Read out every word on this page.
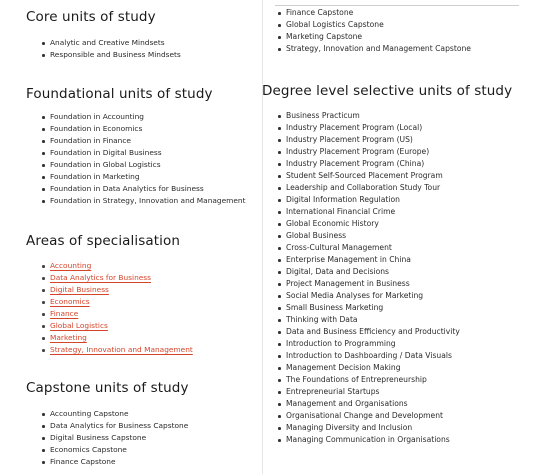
Core units of study
Analytic and Creative Mindsets
Responsible and Business Mindsets
Foundational units of study
Foundation in Accounting
Foundation in Economics
Foundation in Finance
Foundation in Digital Business
Foundation in Global Logistics
Foundation in Marketing
Foundation in Data Analytics for Business
Foundation in Strategy, Innovation and Management
Areas of specialisation
Accounting
Data Analytics for Business
Digital Business
Economics
Finance
Global Logistics
Marketing
Strategy, Innovation and Management
Capstone units of study
Accounting Capstone
Data Analytics for Business Capstone
Digital Business Capstone
Economics Capstone
Finance Capstone
Finance Capstone
Global Logistics Capstone
Marketing Capstone
Strategy, Innovation and Management Capstone
Degree level selective units of study
Business Practicum
Industry Placement Program (Local)
Industry Placement Program (US)
Industry Placement Program (Europe)
Industry Placement Program (China)
Student Self-Sourced Placement Program
Leadership and Collaboration Study Tour
Digital Information Regulation
International Financial Crime
Global Economic History
Global Business
Cross-Cultural Management
Enterprise Management in China
Digital, Data and Decisions
Project Management in Business
Social Media Analyses for Marketing
Small Business Marketing
Thinking with Data
Data and Business Efficiency and Productivity
Introduction to Programming
Introduction to Dashboarding / Data Visuals
Management Decision Making
The Foundations of Entrepreneurship
Entrepreneurial Startups
Management and Organisations
Organisational Change and Development
Managing Diversity and Inclusion
Managing Communication in Organisations
